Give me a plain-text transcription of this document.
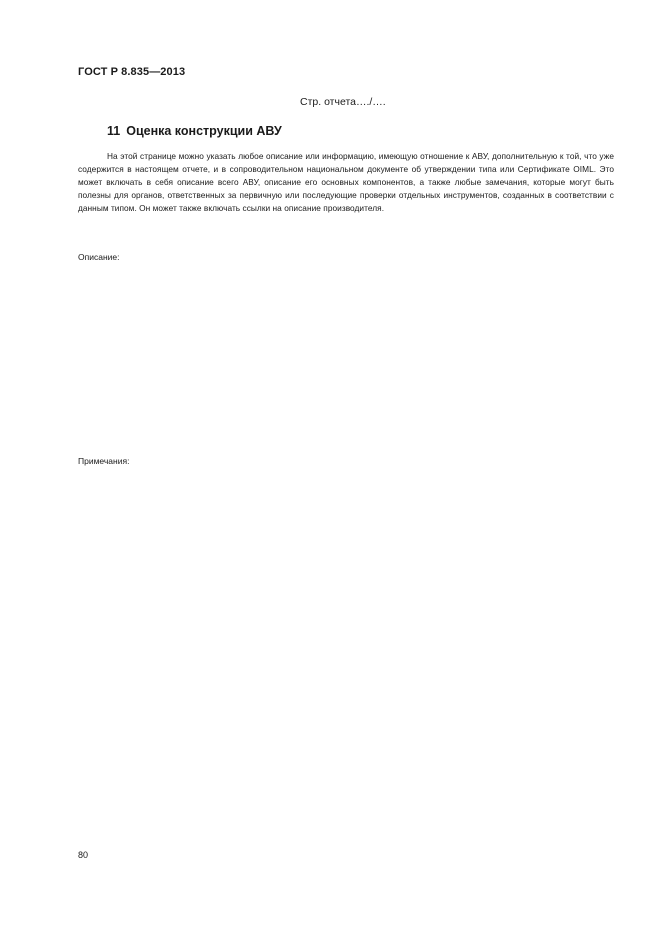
ГОСТ Р 8.835—2013
Стр. отчета…./….
11 Оценка конструкции АВУ

На этой странице можно указать любое описание или информацию, имеющую отношение к АВУ, дополнительную к той, что уже содержится в настоящем отчете, и в сопроводительном национальном документе об утверждении типа или Сертификате OIML. Это может включать в себя описание всего АВУ, описание его основных компонентов, а также любые замечания, которые могут быть полезны для органов, ответственных за первичную или последующие проверки отдельных инструментов, созданных в соответствии с данным типом. Он может также включать ссылки на описание производителя.

Описание:
Примечания:
80
